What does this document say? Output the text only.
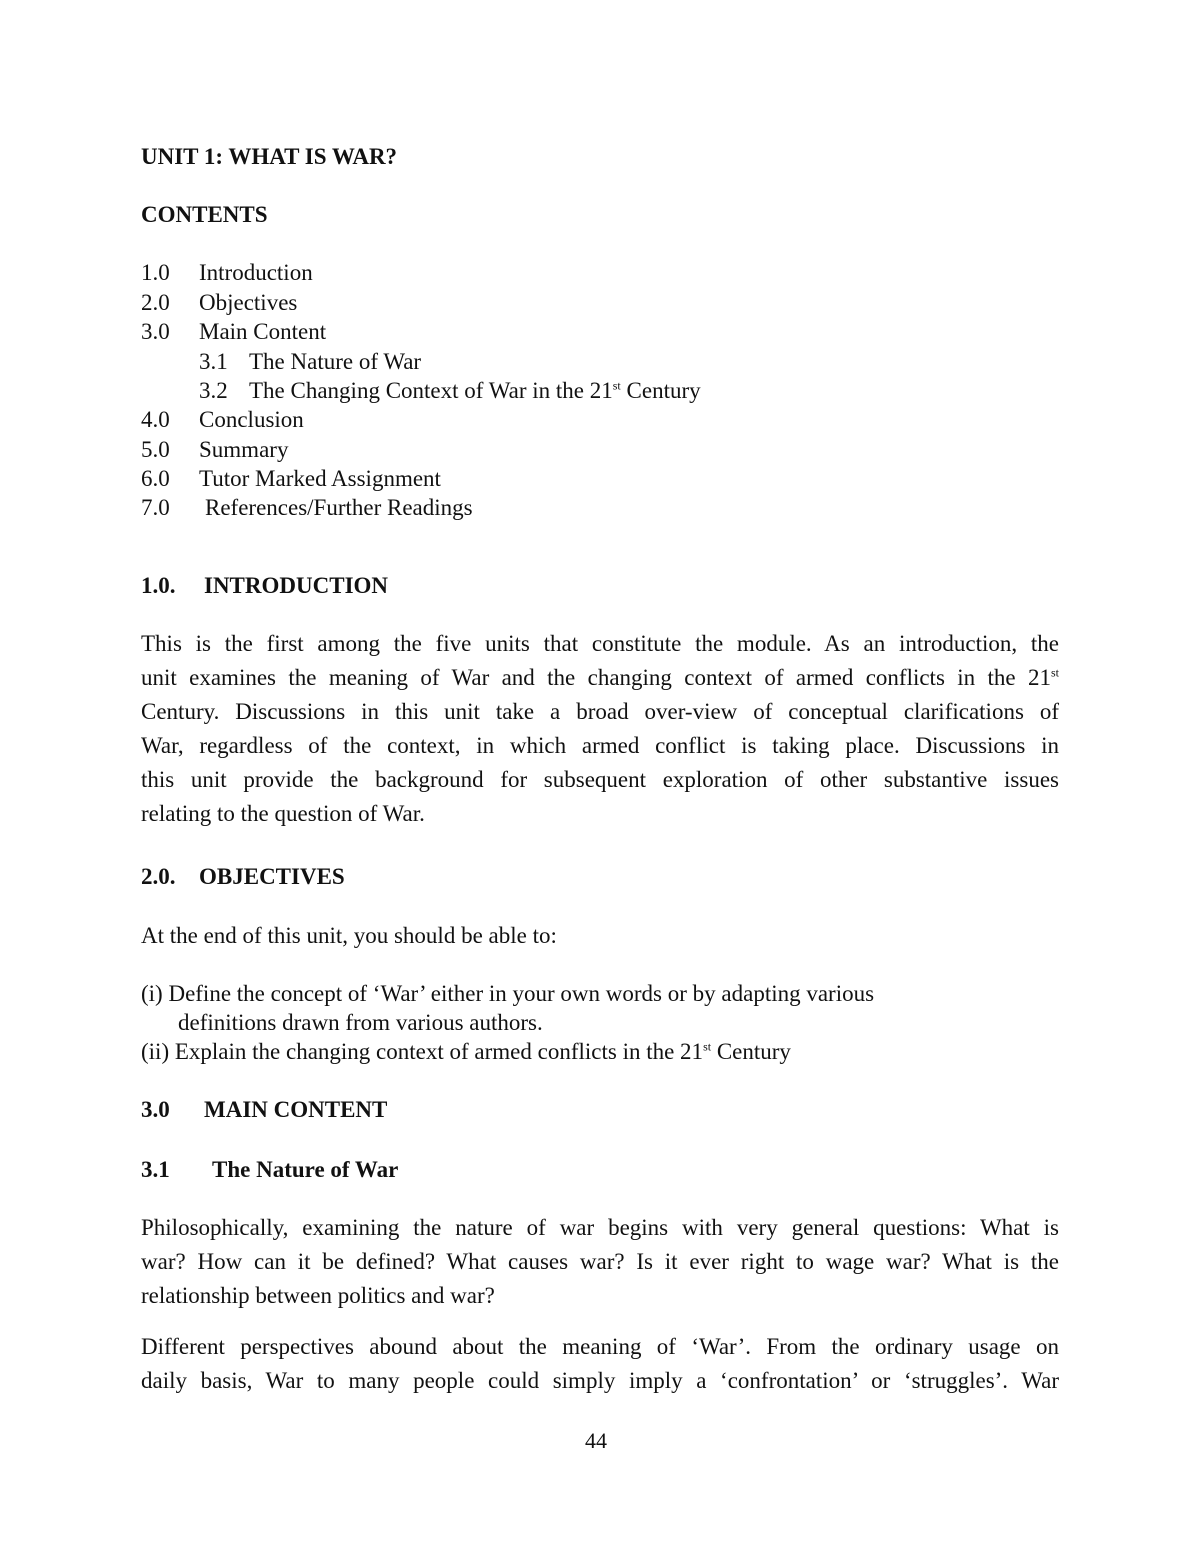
UNIT 1: WHAT IS WAR?
CONTENTS
1.0 Introduction
2.0 Objectives
3.0 Main Content
3.1 The Nature of War
3.2 The Changing Context of War in the 21st Century
4.0 Conclusion
5.0 Summary
6.0 Tutor Marked Assignment
7.0 References/Further Readings
1.0. INTRODUCTION
This is the first among the five units that constitute the module. As an introduction, the
unit examines the meaning of War and the changing context of armed conflicts in the 21st
Century. Discussions in this unit take a broad over-view of conceptual clarifications of
War, regardless of the context, in which armed conflict is taking place. Discussions in
this unit provide the background for subsequent exploration of other substantive issues
relating to the question of War.
2.0. OBJECTIVES
At the end of this unit, you should be able to:
(i) Define the concept of ‘War’ either in your own words or by adapting various
definitions drawn from various authors.
(ii) Explain the changing context of armed conflicts in the 21st Century
3.0 MAIN CONTENT
3.1 The Nature of War
Philosophically, examining the nature of war begins with very general questions: What is
war? How can it be defined? What causes war? Is it ever right to wage war? What is the
relationship between politics and war?
Different perspectives abound about the meaning of ‘War’. From the ordinary usage on
daily basis, War to many people could simply imply a ‘confrontation’ or ‘struggles’. War
44
